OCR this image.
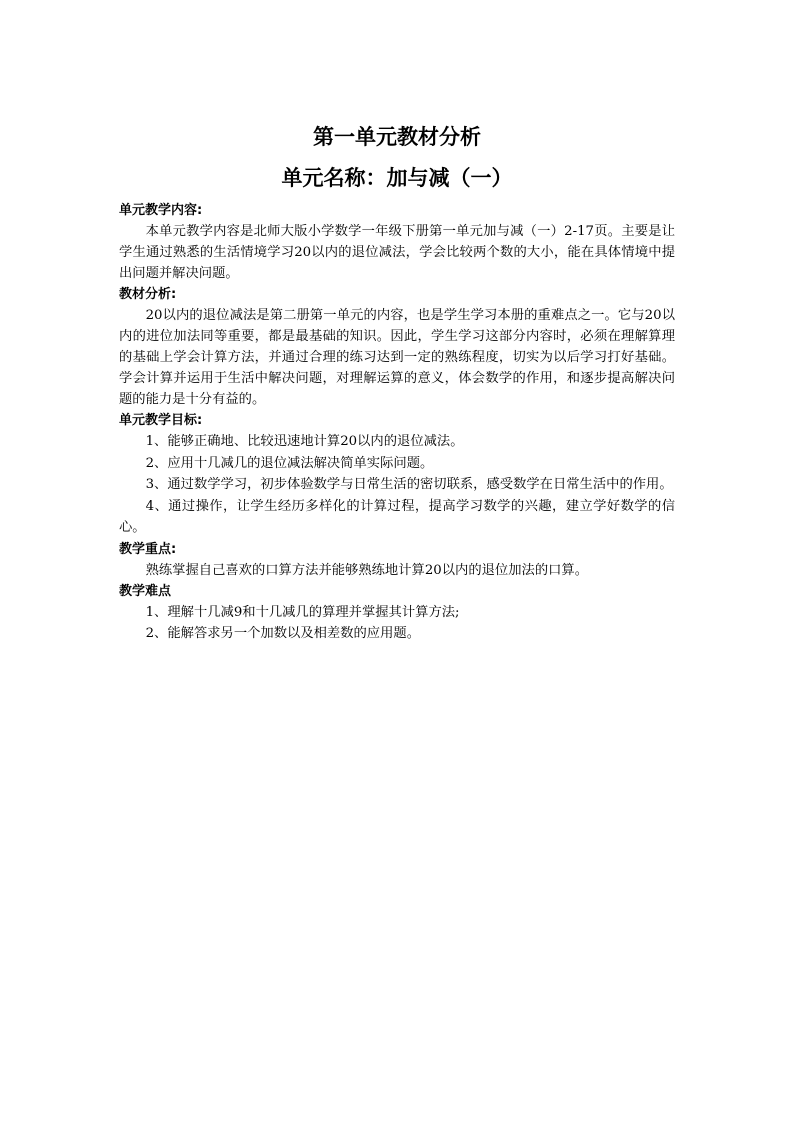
第一单元教材分析
单元名称：加与减（一）

单元教学内容:

本单元教学内容是北师大版小学数学一年级下册第一单元加与减（一）2-17页。主要是让学生通过熟悉的生活情境学习20以内的退位减法，学会比较两个数的大小，能在具体情境中提出问题并解决问题。

教材分析:

20以内的退位减法是第二册第一单元的内容，也是学生学习本册的重难点之一。它与20以内的进位加法同等重要，都是最基础的知识。因此，学生学习这部分内容时，必须在理解算理的基础上学会计算方法，并通过合理的练习达到一定的熟练程度，切实为以后学习打好基础。学会计算并运用于生活中解决问题，对理解运算的意义，体会数学的作用，和逐步提高解决问题的能力是十分有益的。

单元教学目标:

1、能够正确地、比较迅速地计算20以内的退位减法。

2、应用十几减几的退位减法解决简单实际问题。

3、通过数学学习，初步体验数学与日常生活的密切联系，感受数学在日常生活中的作用。

4、通过操作，让学生经历多样化的计算过程，提高学习数学的兴趣，建立学好数学的信心。

教学重点:

熟练掌握自己喜欢的口算方法并能够熟练地计算20以内的退位加法的口算。

教学难点

1、理解十几减9和十几减几的算理并掌握其计算方法;

2、能解答求另一个加数以及相差数的应用题。
